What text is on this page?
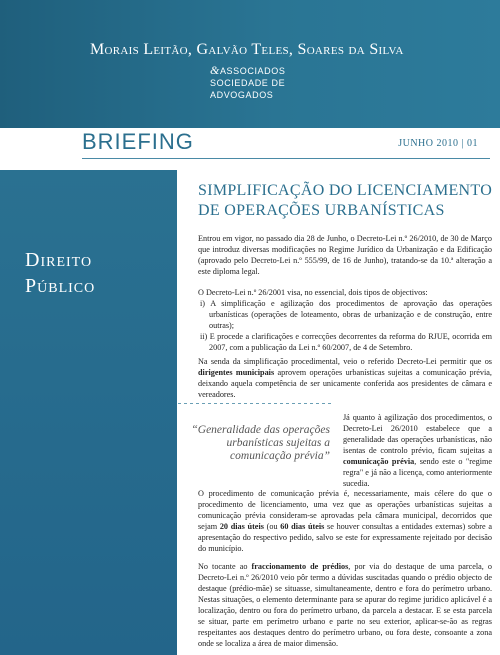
Morais Leitão, Galvão Teles, Soares da Silva
&ASSOCIADOS
SOCIEDADE DE
ADVOGADOS
BRIEFING	JUNHO 2010 | 01
Direito
Público
SIMPLIFICAÇÃO DO LICENCIAMENTO
DE OPERAÇÕES URBANÍSTICAS

Entrou em vigor, no passado dia 28 de Junho, o Decreto-Lei n.º 26/2010, de 30 de Março que introduz diversas modificações no Regime Jurídico da Urbanização e da Edificação (aprovado pelo Decreto-Lei n.º 555/99, de 16 de Junho), tratando-se da 10.ª alteração a este diploma legal.

O Decreto-Lei n.º 26/2001 visa, no essencial, dois tipos de objectivos:

i) A simplificação e agilização dos procedimentos de aprovação das operações urbanísticas (operações de loteamento, obras de urbanização e de construção, entre outras);
ii) E procede a clarificações e correcções decorrentes da reforma do RJUE, ocorrida em 2007, com a publicação da Lei n.º 60/2007, de 4 de Setembro.

Na senda da simplificação procedimental, veio o referido Decreto-Lei permitir que os dirigentes municipais aprovem operações urbanísticas sujeitas a comunicação prévia, deixando aquela competência de ser unicamente conferida aos presidentes de câmara e vereadores.

“Generalidade das operações urbanísticas sujeitas a comunicação prévia”

Já quanto à agilização dos procedimentos, o Decreto-Lei 26/2010 estabelece que a generalidade das operações urbanísticas, não isentas de controlo prévio, ficam sujeitas a comunicação prévia, sendo este o "regime regra" e já não a licença, como anteriormente sucedia.

O procedimento de comunicação prévia é, necessariamente, mais célere do que o procedimento de licenciamento, uma vez que as operações urbanísticas sujeitas a comunicação prévia consideram-se aprovadas pela câmara municipal, decorridos que sejam 20 dias úteis (ou 60 dias úteis se houver consultas a entidades externas) sobre a apresentação do respectivo pedido, salvo se este for expressamente rejeitado por decisão do município.

No tocante ao fraccionamento de prédios, por via do destaque de uma parcela, o Decreto-Lei n.º 26/2010 veio pôr termo a dúvidas suscitadas quando o prédio objecto de destaque (prédio-mãe) se situasse, simultaneamente, dentro e fora do perímetro urbano. Nestas situações, o elemento determinante para se apurar do regime jurídico aplicável é a localização, dentro ou fora do perímetro urbano, da parcela a destacar. E se esta parcela se situar, parte em perímetro urbano e parte no seu exterior, aplicar-se-ão as regras respeitantes aos destaques dentro do perímetro urbano, ou fora deste, consoante a zona onde se localiza a área de maior dimensão.
